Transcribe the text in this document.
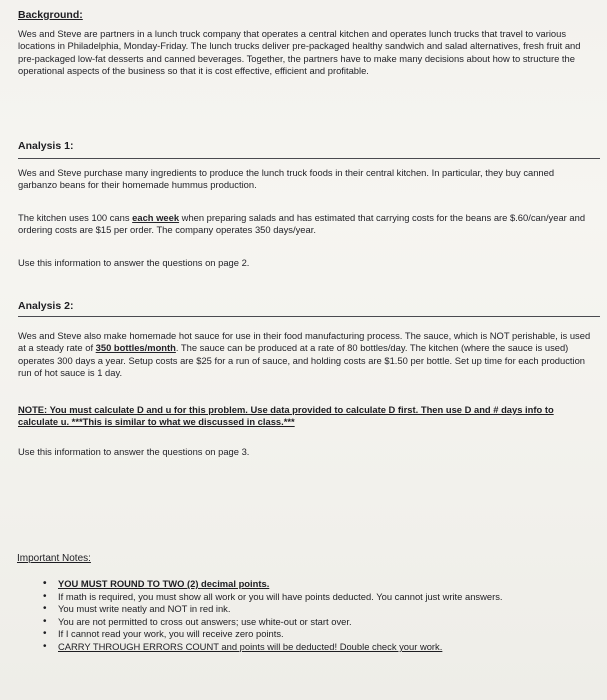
Background:
Wes and Steve are partners in a lunch truck company that operates a central kitchen and operates lunch trucks that travel to various locations in Philadelphia, Monday-Friday. The lunch trucks deliver pre-packaged healthy sandwich and salad alternatives, fresh fruit and pre-packaged low-fat desserts and canned beverages. Together, the partners have to make many decisions about how to structure the operational aspects of the business so that it is cost effective, efficient and profitable.
Analysis 1:
Wes and Steve purchase many ingredients to produce the lunch truck foods in their central kitchen. In particular, they buy canned garbanzo beans for their homemade hummus production.
The kitchen uses 100 cans each week when preparing salads and has estimated that carrying costs for the beans are $.60/can/year and ordering costs are $15 per order. The company operates 350 days/year.
Use this information to answer the questions on page 2.
Analysis 2:
Wes and Steve also make homemade hot sauce for use in their food manufacturing process. The sauce, which is NOT perishable, is used at a steady rate of 350 bottles/month. The sauce can be produced at a rate of 80 bottles/day. The kitchen (where the sauce is used) operates 300 days a year. Setup costs are $25 for a run of sauce, and holding costs are $1.50 per bottle. Set up time for each production run of hot sauce is 1 day.
NOTE: You must calculate D and u for this problem. Use data provided to calculate D first. Then use D and # days info to calculate u. ***This is similar to what we discussed in class.***
Use this information to answer the questions on page 3.
Important Notes:
• YOU MUST ROUND TO TWO (2) decimal points.
• If math is required, you must show all work or you will have points deducted. You cannot just write answers.
• You must write neatly and NOT in red ink.
• You are not permitted to cross out answers; use white-out or start over.
• If I cannot read your work, you will receive zero points.
• CARRY THROUGH ERRORS COUNT and points will be deducted! Double check your work.
